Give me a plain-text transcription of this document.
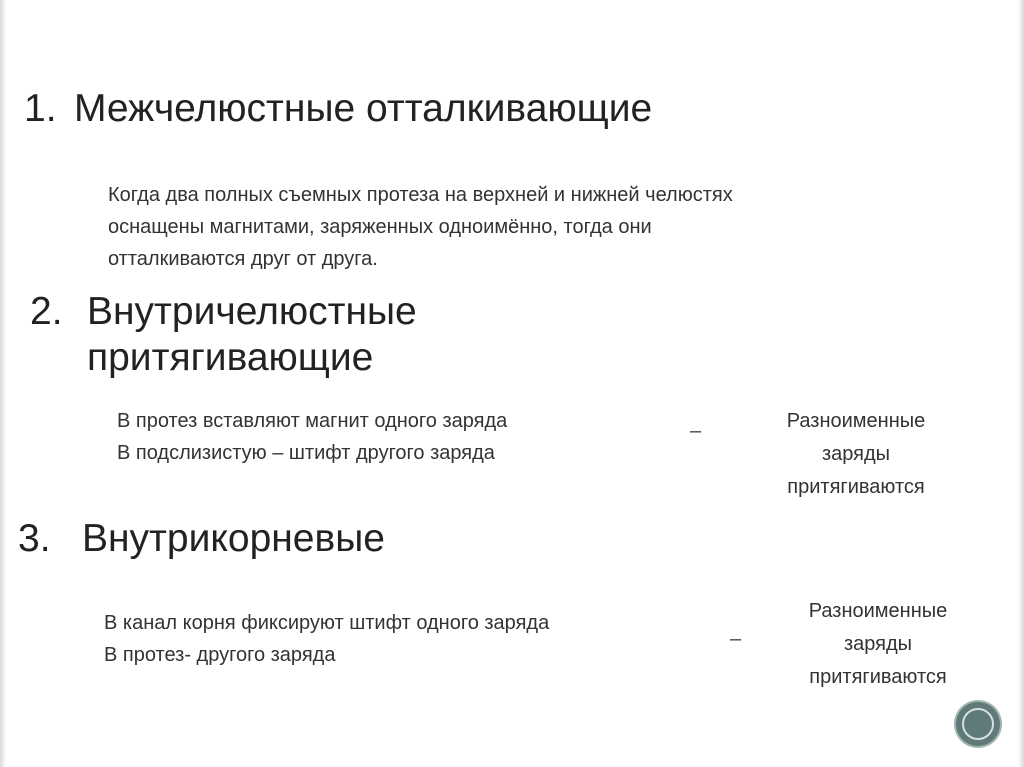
1. Межчелюстные отталкивающие
Когда два полных съемных протеза на верхней и нижней челюстях
оснащены магнитами, заряженных одноимённо, тогда они
отталкиваются друг от друга.
2. Внутричелюстные
притягивающие
В протез вставляют магнит одного заряда
В подслизистую – штифт другого заряда
–	Разноименные
заряды
притягиваются
3. Внутрикорневые
В канал корня фиксируют штифт одного заряда
В протез- другого заряда
–
Разноименные
заряды
притягиваются
